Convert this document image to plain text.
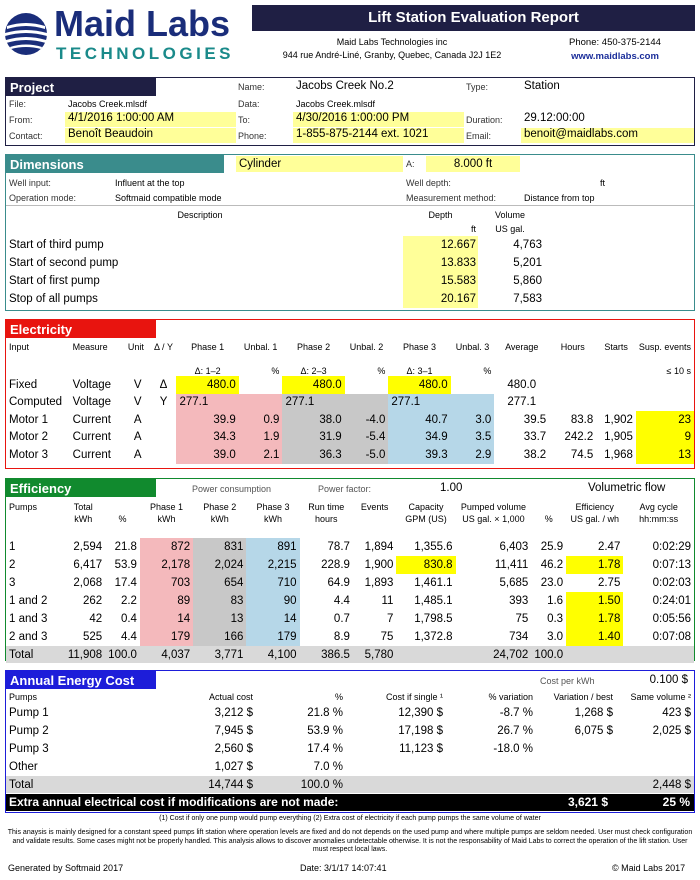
Maid Labs
TECHNOLOGIES
Lift Station Evaluation Report
Maid Labs Technologies inc
944 rue André-Liné, Granby, Quebec, Canada J2J 1E2
Phone: 450-375-2144
www.maidlabs.com
Project	Name:	Jacobs Creek No.2	Type:	Station
File:	Jacobs Creek.mlsdf	Data:	Jacobs Creek.mlsdf
From:	4/1/2016 1:00:00 AM	To:	4/30/2016 1:00:00 PM	Duration: 29.12:00:00
Contact: Benoît Beaudoin	Phone:	1-855-875-2144 ext. 1021	Email:	benoit@maidlabs.com
Dimensions	Cylinder	A:	8.000 ft
Well input:	Influent at the top	Well depth:	ft
Operation mode:	Softmaid compatible mode	Measurement method:	Distance from top
Description	Depth	Volume
ft	US gal.
Start of third pump	12.667	4,763
Start of second pump	13.833	5,201
Start of first pump	15.583	5,860
Stop of all pumps	20.167	7,583
Electricity
Input	Measure	Unit	Δ / Y	Phase 1	Unbal. 1	Phase 2	Unbal. 2	Phase 3	Unbal. 3	Average	Hours	Starts	Susp. events
				Δ: 1–2	%	Δ: 2–3	%	Δ: 3–1	%				≤ 10 s
Fixed	Voltage	V	Δ	480.0		480.0		480.0		480.0			
Computed	Voltage	V	Y	277.1		277.1		277.1		277.1			
Motor 1	Current	A		39.9	0.9	38.0	-4.0	40.7	3.0	39.5	83.8	1,902	23
Motor 2	Current	A		34.3	1.9	31.9	-5.4	34.9	3.5	33.7	242.2	1,905	9
Motor 3	Current	A		39.0	2.1	36.3	-5.0	39.3	2.9	38.2	74.5	1,968	13
Efficiency	Power consumption	Power factor:	1.00	Volumetric flow
Pumps	Total		Phase 1	Phase 2	Phase 3	Run time	Events	Capacity	Pumped volume		Efficiency	Avg cycle
	kWh	%	kWh	kWh	kWh	hours		GPM (US)	US gal. × 1,000	%	US gal. / wh	hh:mm:ss
1	2,594	21.8	872	831	891	78.7	1,894	1,355.6	6,403	25.9	2.47	0:02:29
2	6,417	53.9	2,178	2,024	2,215	228.9	1,900	830.8	11,411	46.2	1.78	0:07:13
3	2,068	17.4	703	654	710	64.9	1,893	1,461.1	5,685	23.0	2.75	0:02:03
1 and 2	262	2.2	89	83	90	4.4	11	1,485.1	393	1.6	1.50	0:24:01
1 and 3	42	0.4	14	13	14	0.7	7	1,798.5	75	0.3	1.78	0:05:56
2 and 3	525	4.4	179	166	179	8.9	75	1,372.8	734	3.0	1.40	0:07:08
Total	11,908	100.0	4,037	3,771	4,100	386.5	5,780		24,702	100.0		
Annual Energy Cost	Cost per kWh	0.100 $
Pumps	Actual cost	%	Cost if single ¹	% variation	Variation / best	Same volume ²
Pump 1	3,212 $	21.8 %	12,390 $	-8.7 %	1,268 $	423 $
Pump 2	7,945 $	53.9 %	17,198 $	26.7 %	6,075 $	2,025 $
Pump 3	2,560 $	17.4 %	11,123 $	-18.0 %		
Other	1,027 $	7.0 %				
Total	14,744 $	100.0 %				2,448 $
Extra annual electrical cost if modifications are not made:	3,621 $	25 %
(1) Cost if only one pump would pump everything (2) Extra cost of electricity if each pump pumps the same volume of water
This anaysis is mainly designed for a constant speed pumps lift station where operation levels are fixed and do not depends on the used pump and where multiple pumps are seldom needed. User must check configuration and validate results. Some cases might not be properly handled. This analysis allows to discover anomalies undetectable otherwise. It is not the responsability of Maid Labs to correct the operation of the lift station. User must respect local laws.
Generated by Softmaid 2017	Date: 3/1/17 14:07:41	© Maid Labs 2017
